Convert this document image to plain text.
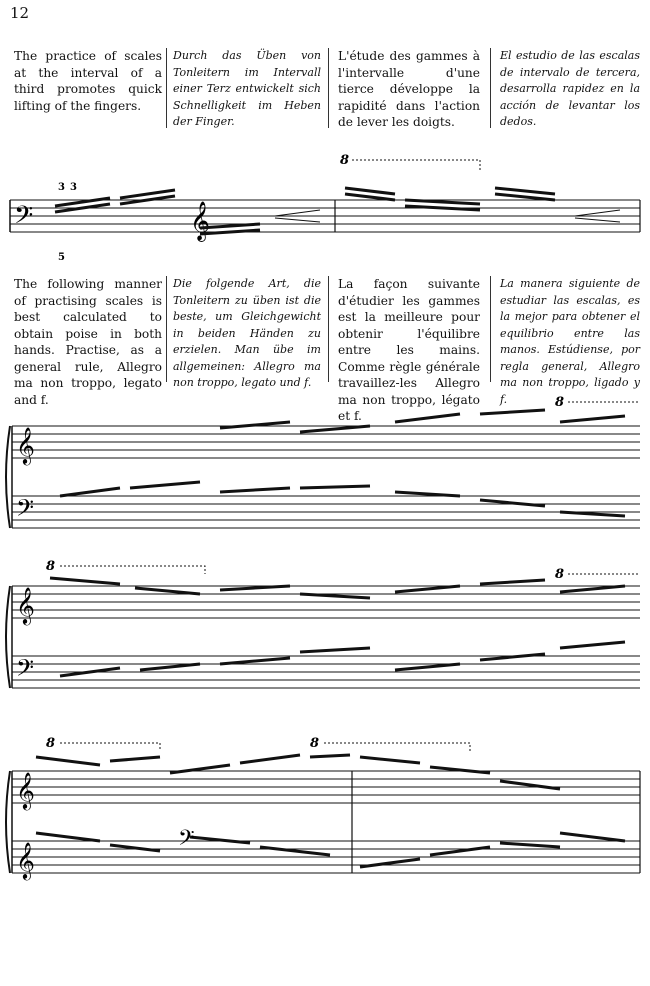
12
The practice of scales at the interval of a third promotes quick lifting of the fingers.
Durch das Üben von Tonleitern im Intervall einer Terz entwickelt sich Schnelligkeit im Heben der Finger.
L'étude des gammes à l'intervalle d'une tierce développe la rapidité dans l'action de lever les doigts.
El estudio de las escalas de intervalo de tercera, desarrolla rapidez en la acción de levantar los dedos.
The following manner of practising scales is best calculated to obtain poise in both hands. Practise, as a general rule, Allegro ma non troppo, legato and f.
Die folgende Art, die Tonleitern zu üben ist die beste, um Gleichgewicht in beiden Händen zu erzielen. Man übe im allgemeinen: Allegro ma non troppo, legato und f.
La façon suivante d'étudier les gammes est la meilleure pour obtenir l'équilibre entre les mains. Comme règle générale travaillez-les Allegro ma non troppo, légato et f.
La manera siguiente de estudiar las escalas, es la mejor para obtener el equilibrio entre las manos. Estúdiense, por regla general, Allegro ma non troppo, ligado y f.
𝄢	𝄞
8
3 3
5
𝄞
𝄢
8
𝄞
𝄢
8
8
𝄞
𝄞	𝄢
8	8
